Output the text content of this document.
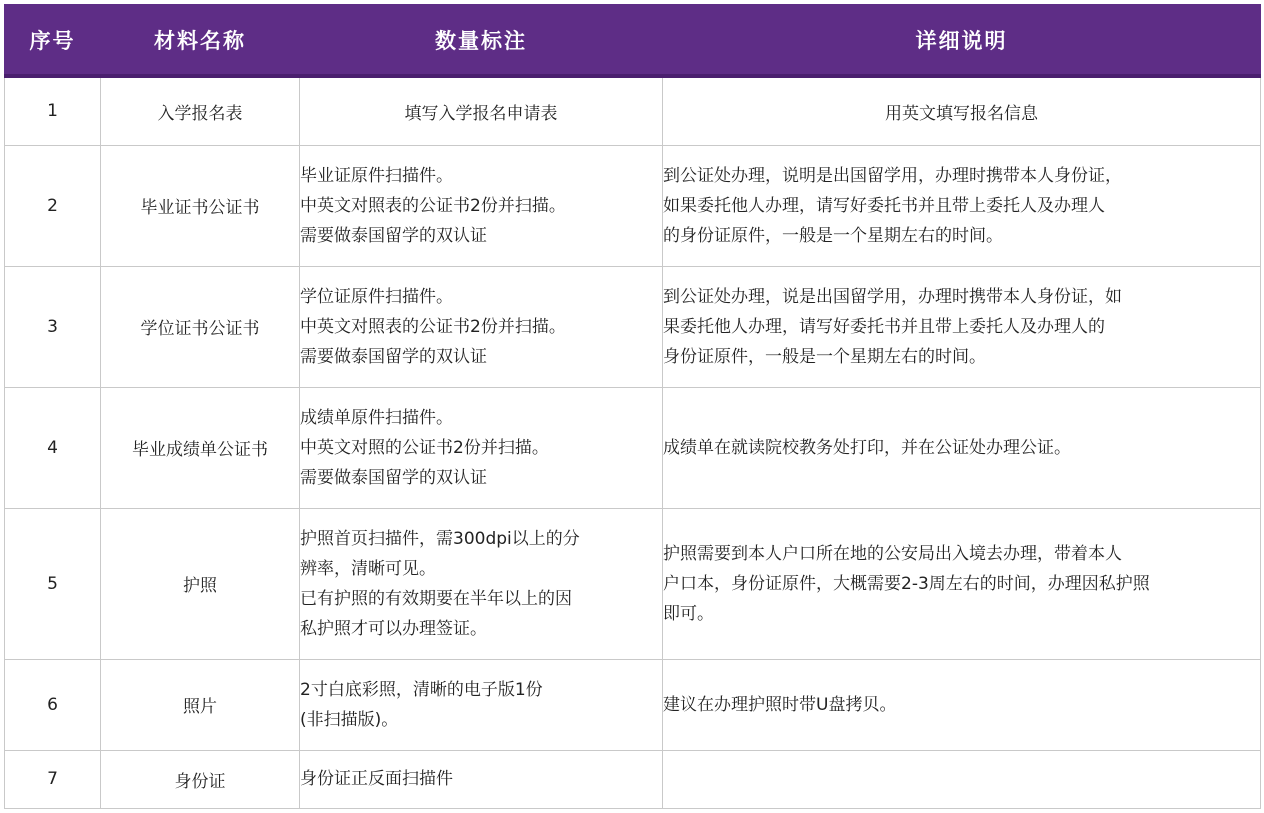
序号	材料名称	数量标注	详细说明
1	入学报名表	填写入学报名申请表	用英文填写报名信息

2	毕业证书公证书	毕业证原件扫描件。
中英文对照表的公证书2份并扫描。
需要做泰国留学的双认证	到公证处办理，说明是出国留学用，办理时携带本人身份证，
如果委托他人办理，请写好委托书并且带上委托人及办理人
的身份证原件，一般是一个星期左右的时间。

3	学位证书公证书	学位证原件扫描件。
中英文对照表的公证书2份并扫描。
需要做泰国留学的双认证	到公证处办理，说是出国留学用，办理时携带本人身份证，如
果委托他人办理，请写好委托书并且带上委托人及办理人的
身份证原件，一般是一个星期左右的时间。

4	毕业成绩单公证书	成绩单原件扫描件。
中英文对照的公证书2份并扫描。
需要做泰国留学的双认证	成绩单在就读院校教务处打印，并在公证处办理公证。

5	护照	护照首页扫描件，需300dpi以上的分
辨率，清晰可见。
已有护照的有效期要在半年以上的因
私护照才可以办理签证。	护照需要到本人户口所在地的公安局出入境去办理，带着本人
户口本，身份证原件，大概需要2-3周左右的时间，办理因私护照
即可。

6	照片	2寸白底彩照，清晰的电子版1份
(非扫描版)。	建议在办理护照时带U盘拷贝。

7	身份证	身份证正反面扫描件	
